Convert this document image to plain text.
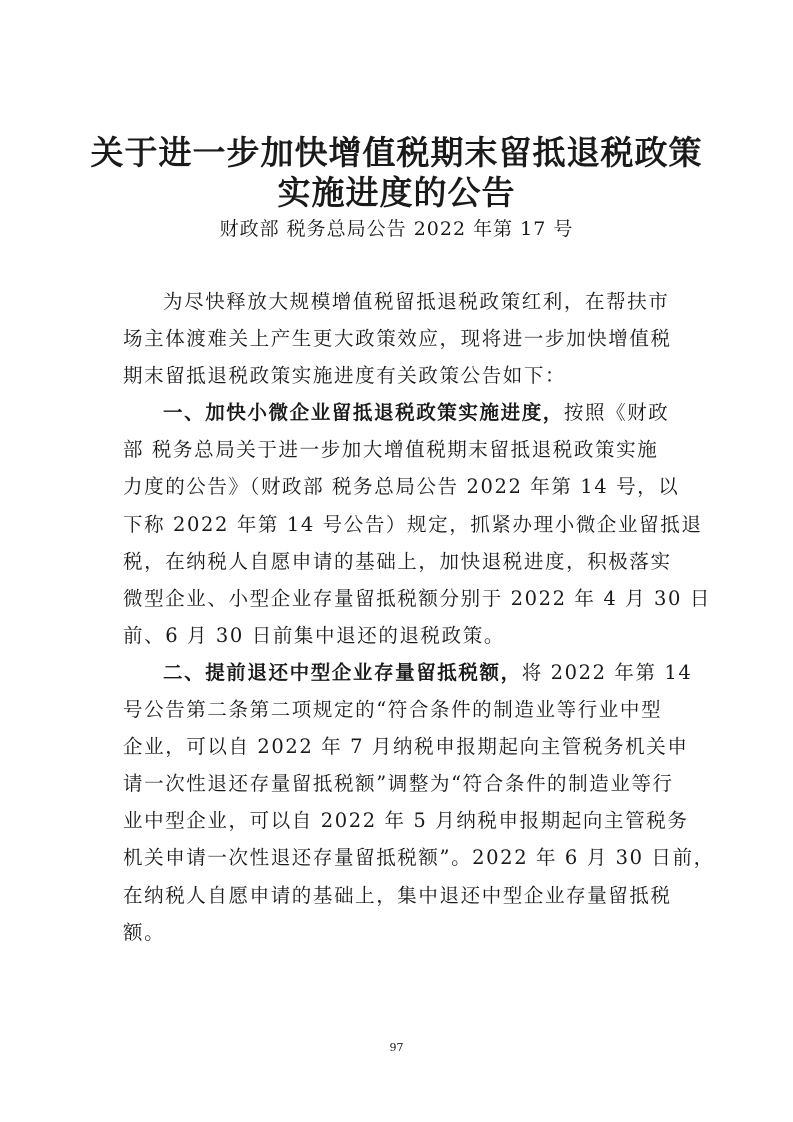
关于进一步加快增值税期末留抵退税政策
实施进度的公告
财政部 税务总局公告 2022 年第 17 号
为尽快释放大规模增值税留抵退税政策红利，在帮扶市
场主体渡难关上产生更大政策效应，现将进一步加快增值税
期末留抵退税政策实施进度有关政策公告如下：
一、加快小微企业留抵退税政策实施进度，按照《财政
部 税务总局关于进一步加大增值税期末留抵退税政策实施
力度的公告》（财政部 税务总局公告 2022 年第 14 号，以
下称 2022 年第 14 号公告）规定，抓紧办理小微企业留抵退
税，在纳税人自愿申请的基础上，加快退税进度，积极落实
微型企业、小型企业存量留抵税额分别于 2022 年 4 月 30 日
前、6 月 30 日前集中退还的退税政策。
二、提前退还中型企业存量留抵税额，将 2022 年第 14
号公告第二条第二项规定的“符合条件的制造业等行业中型
企业，可以自 2022 年 7 月纳税申报期起向主管税务机关申
请一次性退还存量留抵税额”调整为“符合条件的制造业等行
业中型企业，可以自 2022 年 5 月纳税申报期起向主管税务
机关申请一次性退还存量留抵税额”。2022 年 6 月 30 日前，
在纳税人自愿申请的基础上，集中退还中型企业存量留抵税
额。
97
